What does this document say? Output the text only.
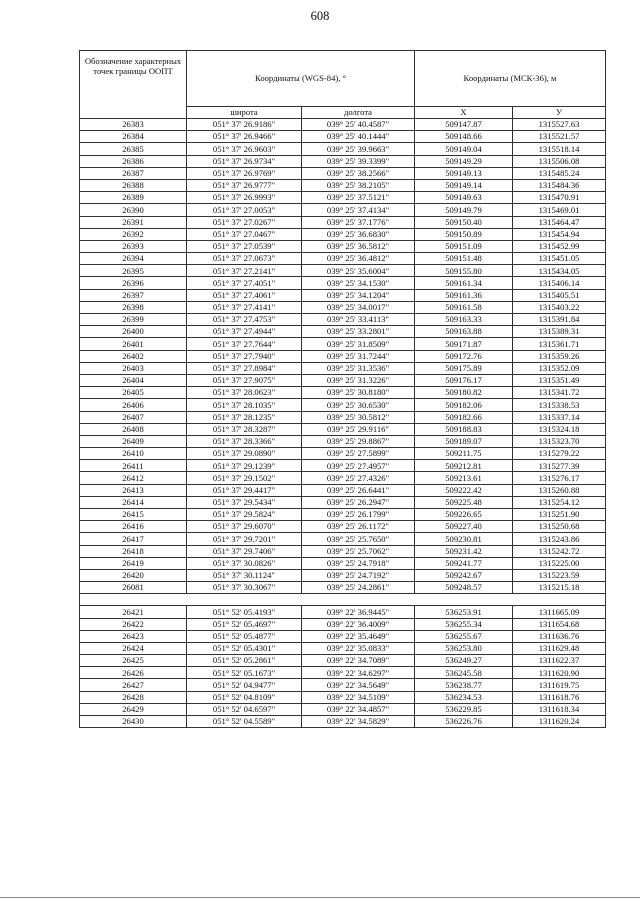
608
Обозначение характерных точек границы ООПТ	Координаты (WGS-84), °		Координаты (МСК-36), м	
	широта	долгота	X	У
26383	051° 37' 26.9186"	039° 25' 40.4587"	509147.87	1315527.63
26384	051° 37' 26.9466"	039° 25' 40.1444"	509148.66	1315521.57
26385	051° 37' 26.9603"	039° 25' 39.9663"	509149.04	1315518.14
26386	051° 37' 26.9734"	039° 25' 39.3399"	509149.29	1315506.08
26387	051° 37' 26.9769"	039° 25' 38.2566"	509149.13	1315485.24
26388	051° 37' 26.9777"	039° 25' 38.2105"	509149.14	1315484.36
26389	051° 37' 26.9993"	039° 25' 37.5121"	509149.63	1315470.91
26390	051° 37' 27.0053"	039° 25' 37.4134"	509149.79	1315469.01
26391	051° 37' 27.0267"	039° 25' 37.1776"	509150.40	1315464.47
26392	051° 37' 27.0467"	039° 25' 36.6830"	509150.89	1315454.94
26393	051° 37' 27.0539"	039° 25' 36.5812"	509151.09	1315452.99
26394	051° 37' 27.0673"	039° 25' 36.4812"	509151.48	1315451.05
26395	051° 37' 27.2141"	039° 25' 35.6004"	509155.80	1315434.05
26396	051° 37' 27.4051"	039° 25' 34.1530"	509161.34	1315406.14
26397	051° 37' 27.4061"	039° 25' 34.1204"	509161.36	1315405.51
26398	051° 37' 27.4141"	039° 25' 34.0017"	509161.58	1315403.22
26399	051° 37' 27.4753"	039° 25' 33.4113"	509163.33	1315391.84
26400	051° 37' 27.4944"	039° 25' 33.2801"	509163.88	1315389.31
26401	051° 37' 27.7644"	039° 25' 31.8509"	509171.87	1315361.71
26402	051° 37' 27.7940"	039° 25' 31.7244"	509172.76	1315359.26
26403	051° 37' 27.8984"	039° 25' 31.3536"	509175.89	1315352.09
26404	051° 37' 27.9075"	039° 25' 31.3226"	509176.17	1315351.49
26405	051° 37' 28.0623"	039° 25' 30.8180"	509180.82	1315341.72
26406	051° 37' 28.1035"	039° 25' 30.6530"	509182.06	1315338.53
26407	051° 37' 28.1235"	039° 25' 30.5812"	509182.66	1315337.14
26408	051° 37' 28.3287"	039° 25' 29.9116"	509188.83	1315324.18
26409	051° 37' 28.3366"	039° 25' 29.8867"	509189.07	1315323.70
26410	051° 37' 29.0890"	039° 25' 27.5899"	509211.75	1315279.22
26411	051° 37' 29.1239"	039° 25' 27.4957"	509212.81	1315277.39
26412	051° 37' 29.1502"	039° 25' 27.4326"	509213.61	1315276.17
26413	051° 37' 29.4417"	039° 25' 26.6441"	509222.42	1315260.88
26414	051° 37' 29.5434"	039° 25' 26.2947"	509225.48	1315254.12
26415	051° 37' 29.5824"	039° 25' 26.1799"	509226.65	1315251.90
26416	051° 37' 29.6070"	039° 25' 26.1172"	509227.40	1315250.68
26417	051° 37' 29.7201"	039° 25' 25.7650"	509230.81	1315243.86
26418	051° 37' 29.7406"	039° 25' 25.7062"	509231.42	1315242.72
26419	051° 37' 30.0826"	039° 25' 24.7918"	509241.77	1315225.00
26420	051° 37' 30.1124"	039° 25' 24.7192"	509242.67	1315223.59
26081	051° 37' 30.3067"	039° 25' 24.2861"	509248.57	1315215.18

26421	051° 52' 05.4193"	039° 22' 36.9445"	536253.91	1311665.09
26422	051° 52' 05.4697"	039° 22' 36.4009"	536255.34	1311654.68
26423	051° 52' 05.4877"	039° 22' 35.4649"	536255.67	1311636.76
26424	051° 52' 05.4301"	039° 22' 35.0833"	536253.80	1311629.48
26425	051° 52' 05.2861"	039° 22' 34.7089"	536249.27	1311622.37
26426	051° 52' 05.1673"	039° 22' 34.6297"	536245.58	1311620.90
26427	051° 52' 04.9477"	039° 22' 34.5649"	536238.77	1311619.75
26428	051° 52' 04.8109"	039° 22' 34.5109"	536234.53	1311618.76
26429	051° 52' 04.6597"	039° 22' 34.4857"	536229.85	1311618.34
26430	051° 52' 04.5589"	039° 22' 34.5829"	536226.76	1311620.24
